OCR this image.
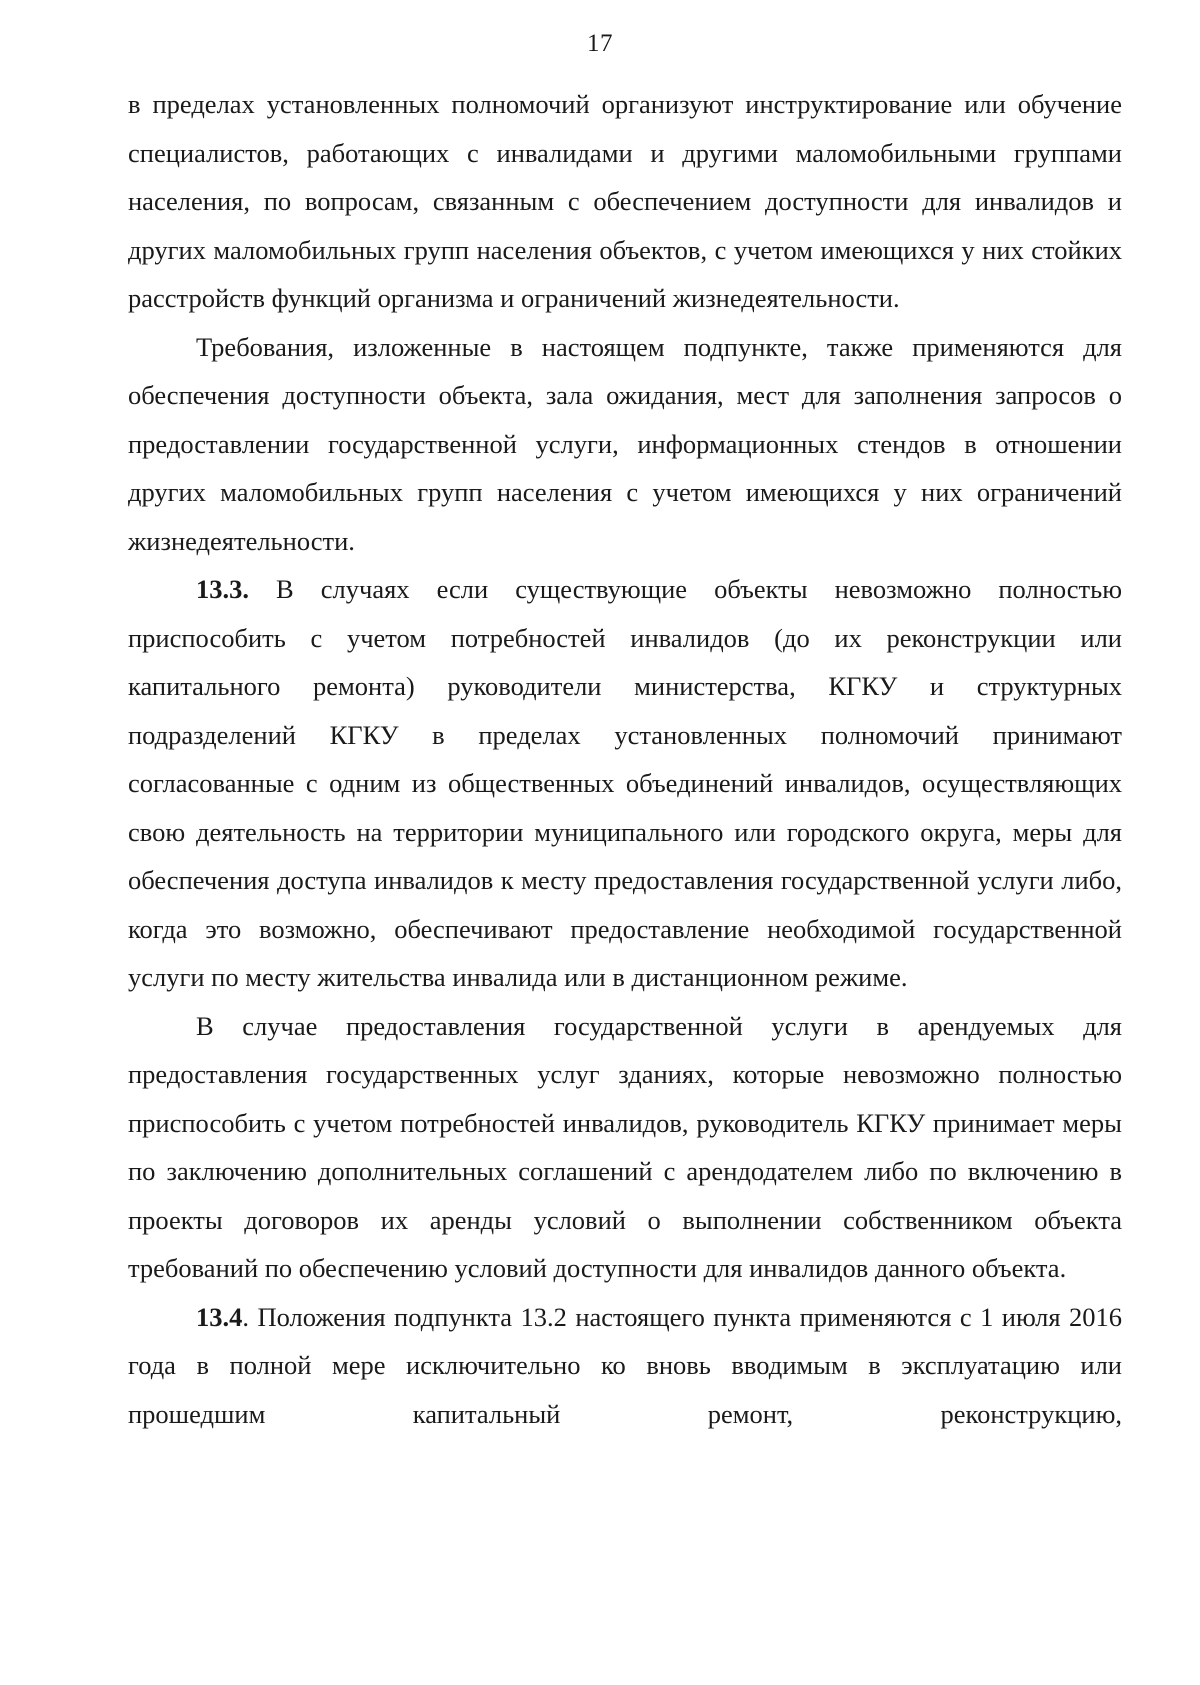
17

в пределах установленных полномочий организуют инструктирование или обучение специалистов, работающих с инвалидами и другими маломобильными группами населения, по вопросам, связанным с обеспечением доступности для инвалидов и других маломобильных групп населения объектов, с учетом имеющихся у них стойких расстройств функций организма и ограничений жизнедеятельности.

Требования, изложенные в настоящем подпункте, также применяются для обеспечения доступности объекта, зала ожидания, мест для заполнения запросов о предоставлении государственной услуги, информационных стендов в отношении других маломобильных групп населения с учетом имеющихся у них ограничений жизнедеятельности.

13.3. В случаях если существующие объекты невозможно полностью приспособить с учетом потребностей инвалидов (до их реконструкции или капитального ремонта) руководители министерства, КГКУ и структурных подразделений КГКУ в пределах установленных полномочий принимают согласованные с одним из общественных объединений инвалидов, осуществляющих свою деятельность на территории муниципального или городского округа, меры для обеспечения доступа инвалидов к месту предоставления государственной услуги либо, когда это возможно, обеспечивают предоставление необходимой государственной услуги по месту жительства инвалида или в дистанционном режиме.

В случае предоставления государственной услуги в арендуемых для предоставления государственных услуг зданиях, которые невозможно полностью приспособить с учетом потребностей инвалидов, руководитель КГКУ принимает меры по заключению дополнительных соглашений с арендодателем либо по включению в проекты договоров их аренды условий о выполнении собственником объекта требований по обеспечению условий доступности для инвалидов данного объекта.

13.4. Положения подпункта 13.2 настоящего пункта применяются с 1 июля 2016 года в полной мере исключительно ко вновь вводимым в эксплуатацию или прошедшим капитальный ремонт, реконструкцию,
